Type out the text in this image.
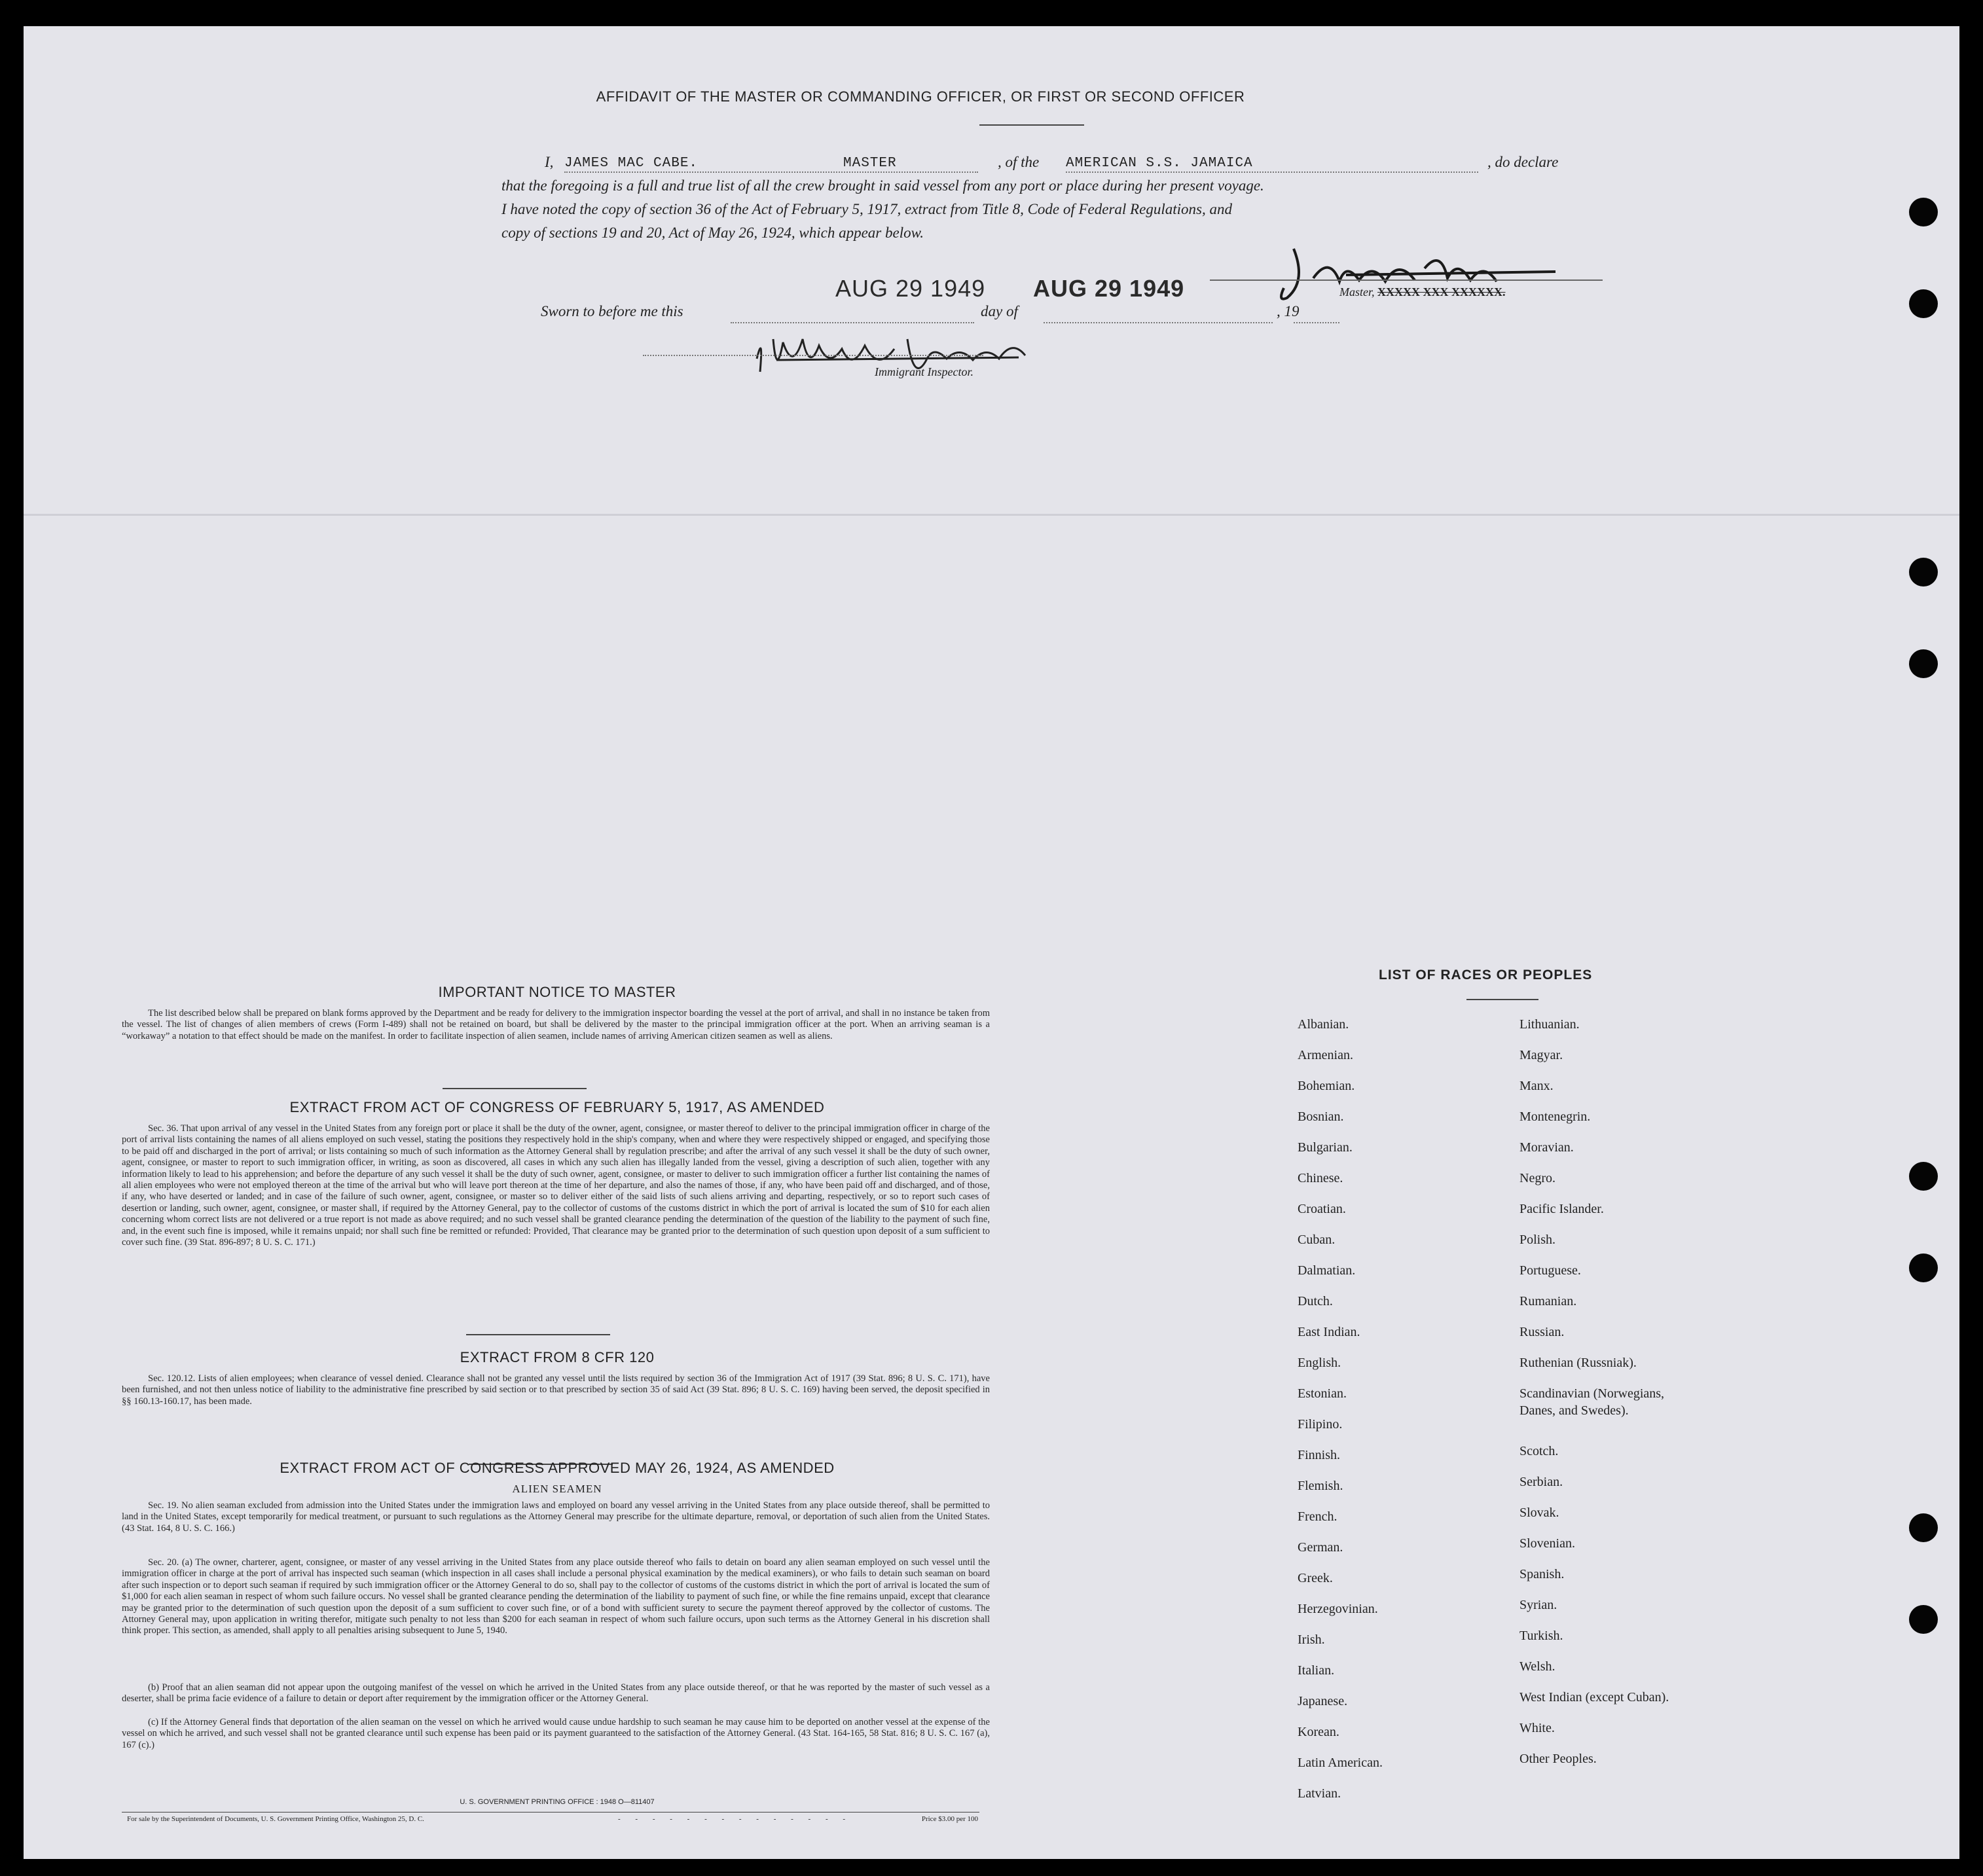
AFFIDAVIT OF THE MASTER OR COMMANDING OFFICER, OR FIRST OR SECOND OFFICER
I, JAMES MAC CABE.	MASTER	, of the AMERICAN S.S. JAMAICA	, do declare
that the foregoing is a full and true list of all the crew brought in said vessel from any port or place during her present voyage.
I have noted the copy of section 36 of the Act of February 5, 1917, extract from Title 8, Code of Federal Regulations, and
copy of sections 19 and 20, Act of May 26, 1924, which appear below.
AUG 29 1949 AUG 29 1949	Master, XXXXX XXX XXXXXX.
Sworn to before me this	day of	, 19
Immigrant Inspector.
IMPORTANT NOTICE TO MASTER
The list described below shall be prepared on blank forms approved by the Department and be ready for delivery to the immigration inspector boarding the vessel at the port of arrival, and shall in no instance be taken from the vessel. The list of changes of alien members of crews (Form I-489) shall not be retained on board, but shall be delivered by the master to the principal immigration officer at the port. When an arriving seaman is a “workaway” a notation to that effect should be made on the manifest. In order to facilitate inspection of alien seamen, include names of arriving American citizen seamen as well as aliens.
EXTRACT FROM ACT OF CONGRESS OF FEBRUARY 5, 1917, AS AMENDED
Sec. 36. That upon arrival of any vessel in the United States from any foreign port or place it shall be the duty of the owner, agent, consignee, or master thereof to deliver to the principal immigration officer in charge of the port of arrival lists containing the names of all aliens employed on such vessel, stating the positions they respectively hold in the ship's company, when and where they were respectively shipped or engaged, and specifying those to be paid off and discharged in the port of arrival; or lists containing so much of such information as the Attorney General shall by regulation prescribe; and after the arrival of any such vessel it shall be the duty of such owner, agent, consignee, or master to report to such immigration officer, in writing, as soon as discovered, all cases in which any such alien has illegally landed from the vessel, giving a description of such alien, together with any information likely to lead to his apprehension; and before the departure of any such vessel it shall be the duty of such owner, agent, consignee, or master to deliver to such immigration officer a further list containing the names of all alien employees who were not employed thereon at the time of the arrival but who will leave port thereon at the time of her departure, and also the names of those, if any, who have been paid off and discharged, and of those, if any, who have deserted or landed; and in case of the failure of such owner, agent, consignee, or master so to deliver either of the said lists of such aliens arriving and departing, respectively, or so to report such cases of desertion or landing, such owner, agent, consignee, or master shall, if required by the Attorney General, pay to the collector of customs of the customs district in which the port of arrival is located the sum of $10 for each alien concerning whom correct lists are not delivered or a true report is not made as above required; and no such vessel shall be granted clearance pending the determination of the question of the liability to the payment of such fine, and, in the event such fine is imposed, while it remains unpaid; nor shall such fine be remitted or refunded: Provided, That clearance may be granted prior to the determination of such question upon deposit of a sum sufficient to cover such fine. (39 Stat. 896-897; 8 U. S. C. 171.)
EXTRACT FROM 8 CFR 120
Sec. 120.12. Lists of alien employees; when clearance of vessel denied. Clearance shall not be granted any vessel until the lists required by section 36 of the Immigration Act of 1917 (39 Stat. 896; 8 U. S. C. 171), have been furnished, and not then unless notice of liability to the administrative fine prescribed by said section or to that prescribed by section 35 of said Act (39 Stat. 896; 8 U. S. C. 169) having been served, the deposit specified in §§ 160.13-160.17, has been made.
EXTRACT FROM ACT OF CONGRESS APPROVED MAY 26, 1924, AS AMENDED
ALIEN SEAMEN
Sec. 19. No alien seaman excluded from admission into the United States under the immigration laws and employed on board any vessel arriving in the United States from any place outside thereof, shall be permitted to land in the United States, except temporarily for medical treatment, or pursuant to such regulations as the Attorney General may prescribe for the ultimate departure, removal, or deportation of such alien from the United States. (43 Stat. 164, 8 U. S. C. 166.)
Sec. 20. (a) The owner, charterer, agent, consignee, or master of any vessel arriving in the United States from any place outside thereof who fails to detain on board any alien seaman employed on such vessel until the immigration officer in charge at the port of arrival has inspected such seaman (which inspection in all cases shall include a personal physical examination by the medical examiners), or who fails to detain such seaman on board after such inspection or to deport such seaman if required by such immigration officer or the Attorney General to do so, shall pay to the collector of customs of the customs district in which the port of arrival is located the sum of $1,000 for each alien seaman in respect of whom such failure occurs. No vessel shall be granted clearance pending the determination of the liability to payment of such fine, or while the fine remains unpaid, except that clearance may be granted prior to the determination of such question upon the deposit of a sum sufficient to cover such fine, or of a bond with sufficient surety to secure the payment thereof approved by the collector of customs. The Attorney General may, upon application in writing therefor, mitigate such penalty to not less than $200 for each seaman in respect of whom such failure occurs, upon such terms as the Attorney General in his discretion shall think proper. This section, as amended, shall apply to all penalties arising subsequent to June 5, 1940.
(b) Proof that an alien seaman did not appear upon the outgoing manifest of the vessel on which he arrived in the United States from any place outside thereof, or that he was reported by the master of such vessel as a deserter, shall be prima facie evidence of a failure to detain or deport after requirement by the immigration officer or the Attorney General.
(c) If the Attorney General finds that deportation of the alien seaman on the vessel on which he arrived would cause undue hardship to such seaman he may cause him to be deported on another vessel at the expense of the vessel on which he arrived, and such vessel shall not be granted clearance until such expense has been paid or its payment guaranteed to the satisfaction of the Attorney General. (43 Stat. 164-165, 58 Stat. 816; 8 U. S. C. 167 (a), 167 (c).)
U. S. GOVERNMENT PRINTING OFFICE : 1948 O—811407
For sale by the Superintendent of Documents, U. S. Government Printing Office, Washington 25, D. C.	- - - - - - - - - - - - - -	Price $3.00 per 100
LIST OF RACES OR PEOPLES
Albanian.
Armenian.
Bohemian.
Bosnian.
Bulgarian.
Chinese.
Croatian.
Cuban.
Dalmatian.
Dutch.
East Indian.
English.
Estonian.
Filipino.
Finnish.
Flemish.
French.
German.
Greek.
Herzegovinian.
Irish.
Italian.
Japanese.
Korean.
Latin American.
Latvian.
Lithuanian.
Magyar.
Manx.
Montenegrin.
Moravian.
Negro.
Pacific Islander.
Polish.
Portuguese.
Rumanian.
Russian.
Ruthenian (Russniak).
Scandinavian (Norwegians,
Danes, and Swedes).
Scotch.
Serbian.
Slovak.
Slovenian.
Spanish.
Syrian.
Turkish.
Welsh.
West Indian (except Cuban).
White.
Other Peoples.
